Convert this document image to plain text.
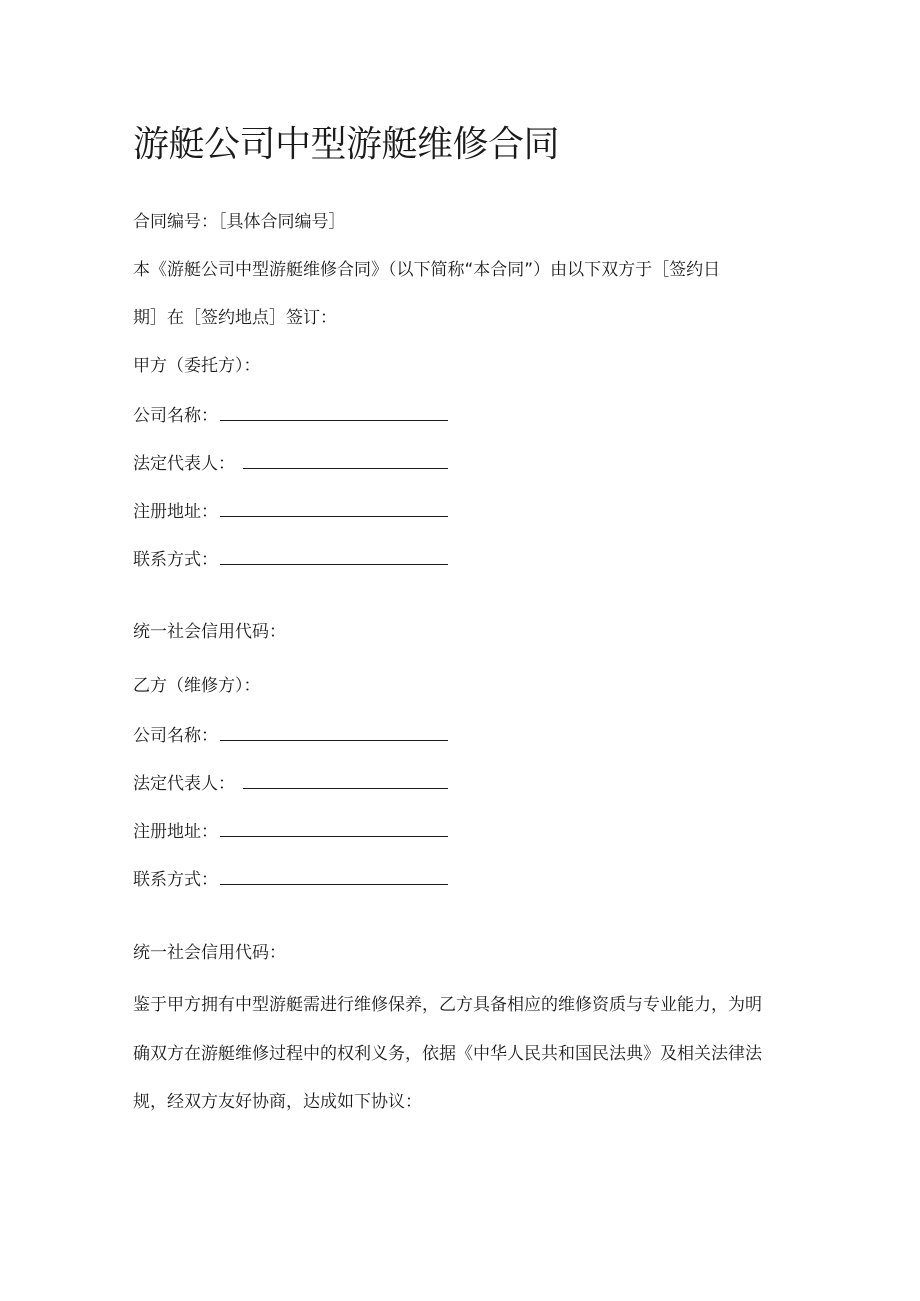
游艇公司中型游艇维修合同
合同编号：［具体合同编号］
本《游艇公司中型游艇维修合同》（以下简称“本合同”）由以下双方于［签约日
期］在［签约地点］签订：
甲方（委托方）：
公司名称：
法定代表人：
注册地址：
联系方式：
统一社会信用代码：
乙方（维修方）：
公司名称：
法定代表人：
注册地址：
联系方式：
统一社会信用代码：
鉴于甲方拥有中型游艇需进行维修保养，乙方具备相应的维修资质与专业能力，为明
确双方在游艇维修过程中的权利义务，依据《中华人民共和国民法典》及相关法律法
规，经双方友好协商，达成如下协议：
